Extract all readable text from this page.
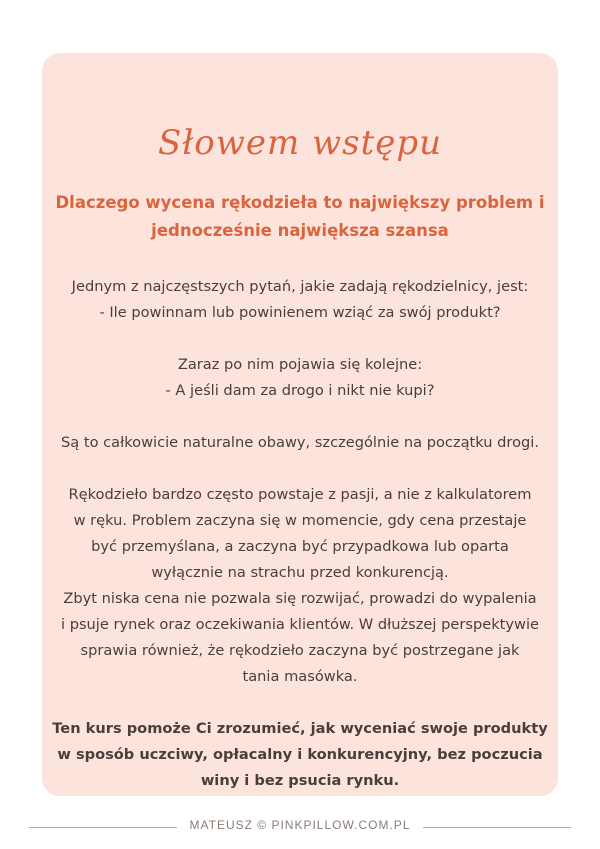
Słowem wstępu
Dlaczego wycena rękodzieła to największy problem i
jednocześnie największa szansa
Jednym z najczęstszych pytań, jakie zadają rękodzielnicy, jest:
- Ile powinnam lub powinienem wziąć za swój produkt?
Zaraz po nim pojawia się kolejne:
- A jeśli dam za drogo i nikt nie kupi?
Są to całkowicie naturalne obawy, szczególnie na początku drogi.
Rękodzieło bardzo często powstaje z pasji, a nie z kalkulatorem
w ręku. Problem zaczyna się w momencie, gdy cena przestaje
być przemyślana, a zaczyna być przypadkowa lub oparta
wyłącznie na strachu przed konkurencją.
Zbyt niska cena nie pozwala się rozwijać, prowadzi do wypalenia
i psuje rynek oraz oczekiwania klientów. W dłuższej perspektywie
sprawia również, że rękodzieło zaczyna być postrzegane jak
tania masówka.
Ten kurs pomoże Ci zrozumieć, jak wyceniać swoje produkty
w sposób uczciwy, opłacalny i konkurencyjny, bez poczucia
winy i bez psucia rynku.
MATEUSZ © PINKPILLOW.COM.PL
